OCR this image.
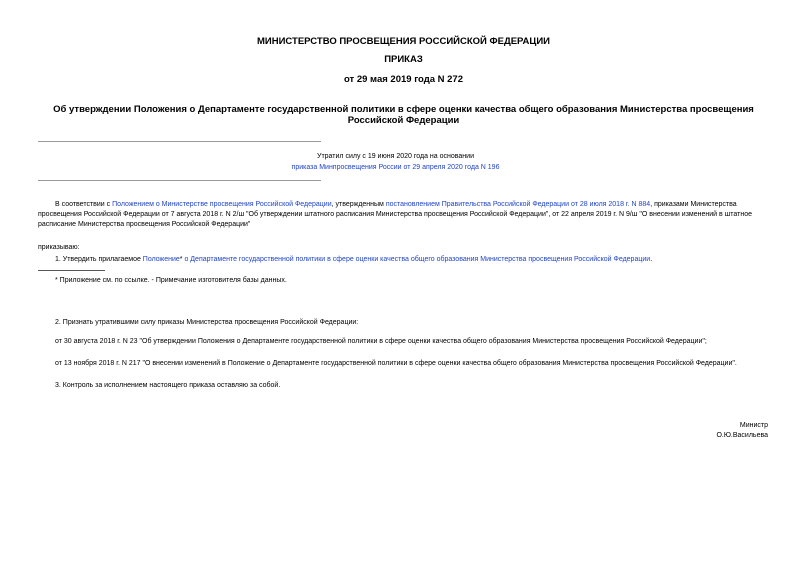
МИНИСТЕРСТВО ПРОСВЕЩЕНИЯ РОССИЙСКОЙ ФЕДЕРАЦИИ
ПРИКАЗ
от 29 мая 2019 года N 272
Об утверждении Положения о Департаменте государственной политики в сфере оценки качества общего образования Министерства просвещения Российской Федерации
Утратил силу с 19 июня 2020 года на основании
приказа Минпросвещения России от 29 апреля 2020 года N 196
В соответствии с Положением о Министерстве просвещения Российской Федерации, утвержденным постановлением Правительства Российской Федерации от 28 июля 2018 г. N 884, приказами Министерства просвещения Российской Федерации от 7 августа 2018 г. N 2/ш "Об утверждении штатного расписания Министерства просвещения Российской Федерации", от 22 апреля 2019 г. N 9/ш "О внесении изменений в штатное расписание Министерства просвещения Российской Федерации"
приказываю:
1. Утвердить прилагаемое Положение* о Департаменте государственной политики в сфере оценки качества общего образования Министерства просвещения Российской Федерации.
* Приложение см. по ссылке. - Примечание изготовителя базы данных.
2. Признать утратившими силу приказы Министерства просвещения Российской Федерации:
от 30 августа 2018 г. N 23 "Об утверждении Положения о Департаменте государственной политики в сфере оценки качества общего образования Министерства просвещения Российской Федерации";
от 13 ноября 2018 г. N 217 "О внесении изменений в Положение о Департаменте государственной политики в сфере оценки качества общего образования Министерства просвещения Российской Федерации".
3. Контроль за исполнением настоящего приказа оставляю за собой.
Министр
О.Ю.Васильева
